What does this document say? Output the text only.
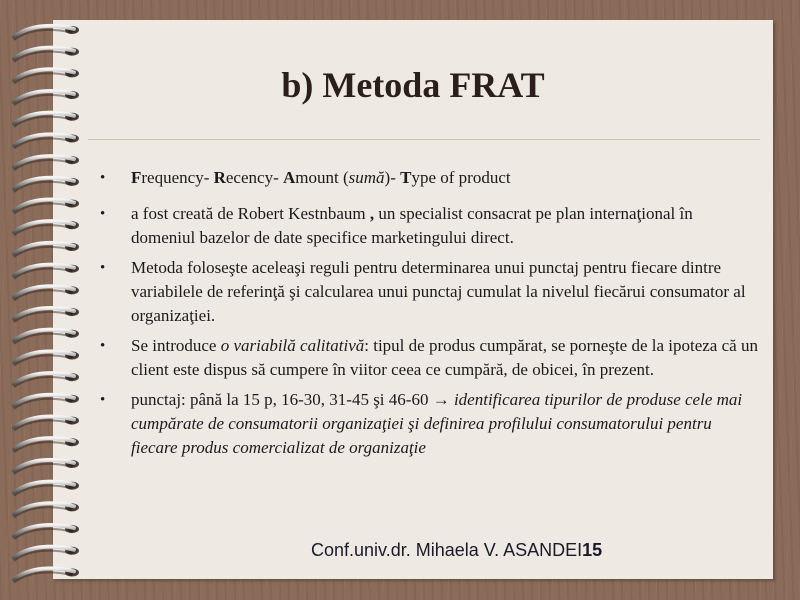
b) Metoda FRAT
• Frequency- Recency- Amount (sumă)- Type of product
• a fost creată de Robert Kestnbaum , un specialist consacrat pe plan internaţional în domeniul bazelor de date specifice marketingului direct.
• Metoda foloseşte aceleaşi reguli pentru determinarea unui punctaj pentru fiecare dintre variabilele de referinţă şi calcularea unui punctaj cumulat la nivelul fiecărui consumator al organizaţiei.
• Se introduce o variabilă calitativă: tipul de produs cumpărat, se porneşte de la ipoteza că un client este dispus să cumpere în viitor ceea ce cumpără, de obicei, în prezent.
• punctaj: până la 15 p, 16-30, 31-45 şi 46-60 → identificarea tipurilor de produse cele mai cumpărate de consumatorii organizaţiei şi definirea profilului consumatorului pentru fiecare produs comercializat de organizaţie
Conf.univ.dr. Mihaela V. ASANDEI15
